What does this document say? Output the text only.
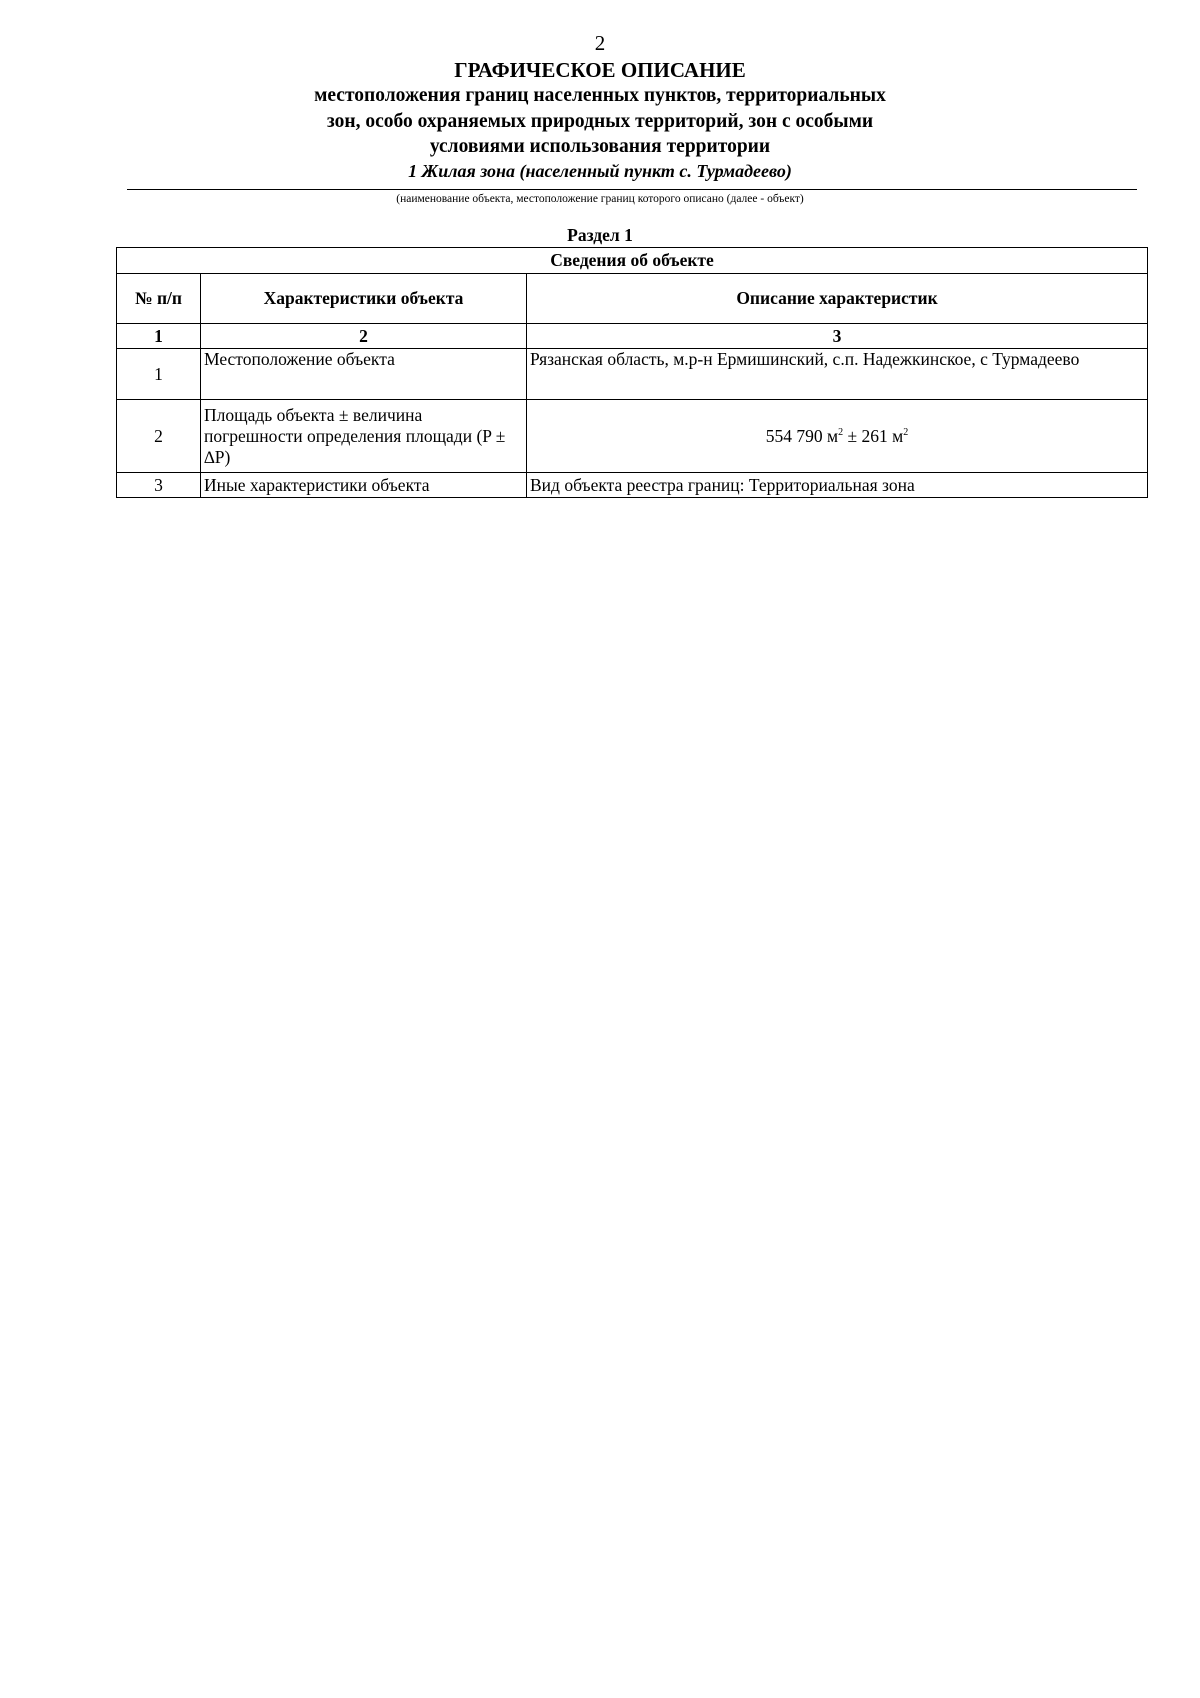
2
ГРАФИЧЕСКОЕ ОПИСАНИЕ
местоположения границ населенных пунктов, территориальных
зон, особо охраняемых природных территорий, зон с особыми
условиями использования территории
1 Жилая зона (населенный пункт с. Турмадеево)
(наименование объекта, местоположение границ которого описано (далее - объект)
Раздел 1
Сведения об объекте		
№ п/п	Характеристики объекта	Описание характеристик
1	2	3
1	Местоположение объекта	Рязанская область, м.р-н Ермишинский, с.п. Надежкинское, с Турмадеево
2	Площадь объекта ± величина погрешности определения площади (P ± ∆P)	554 790 $м^2 \pm 261$ $м^2$
3	Иные характеристики объекта	Вид объекта реестра границ: Территориальная зона
